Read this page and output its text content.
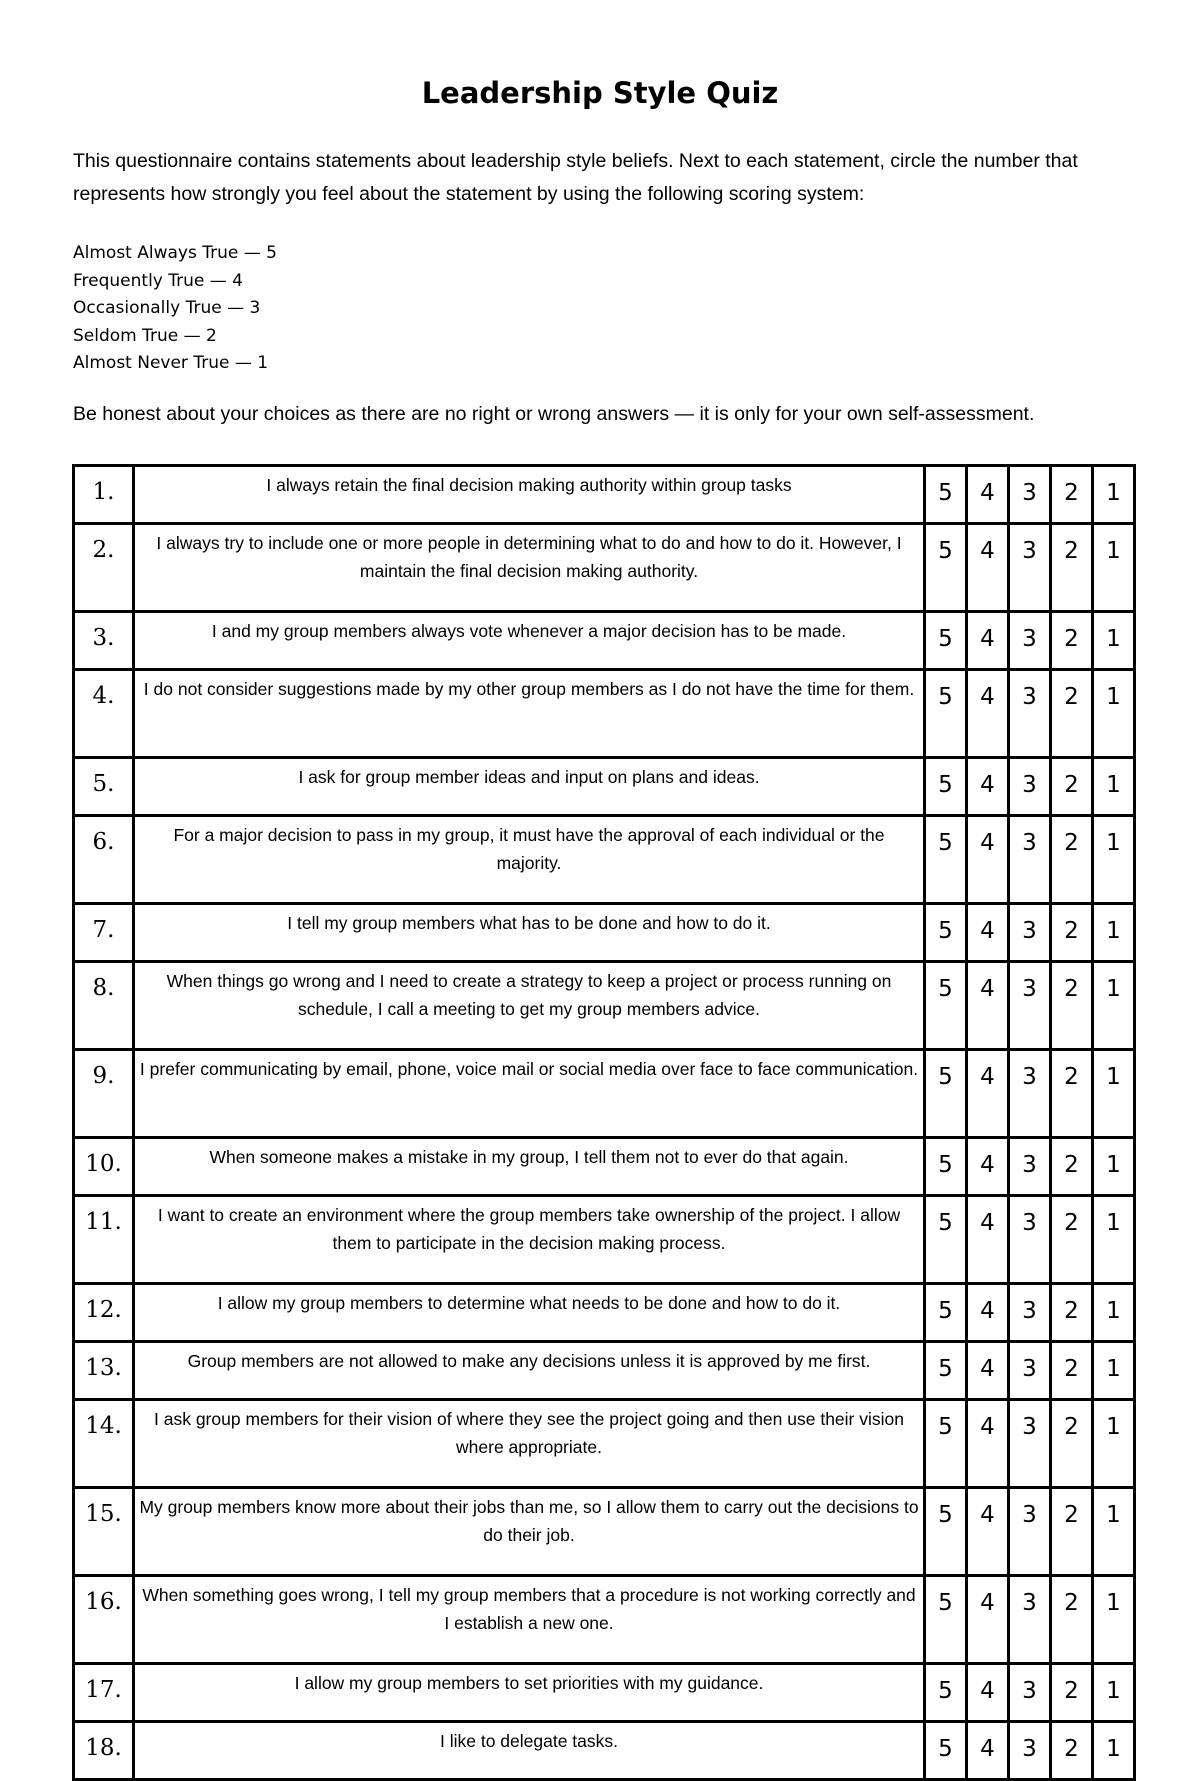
Leadership Style Quiz
This questionnaire contains statements about leadership style beliefs. Next to each statement, circle the number that represents how strongly you feel about the statement by using the following scoring system:
Almost Always True — 5
Frequently True — 4
Occasionally True — 3
Seldom True — 2
Almost Never True — 1
Be honest about your choices as there are no right or wrong answers — it is only for your own self-assessment.
1.	I always retain the final decision making authority within group tasks	5	4	3	2	1
2.	I always try to include one or more people in determining what to do and how to do it. However, I maintain the final decision making authority.	5	4	3	2	1
3.	I and my group members always vote whenever a major decision has to be made.	5	4	3	2	1
4.	I do not consider suggestions made by my other group members as I do not have the time for them.	5	4	3	2	1
5.	I ask for group member ideas and input on plans and ideas.	5	4	3	2	1
6.	For a major decision to pass in my group, it must have the approval of each individual or the majority.	5	4	3	2	1
7.	I tell my group members what has to be done and how to do it.	5	4	3	2	1
8.	When things go wrong and I need to create a strategy to keep a project or process running on schedule, I call a meeting to get my group members advice.	5	4	3	2	1
9.	I prefer communicating by email, phone, voice mail or social media over face to face communication.	5	4	3	2	1
10.	When someone makes a mistake in my group, I tell them not to ever do that again.	5	4	3	2	1
11.	I want to create an environment where the group members take ownership of the project. I allow them to participate in the decision making process.	5	4	3	2	1
12.	I allow my group members to determine what needs to be done and how to do it.	5	4	3	2	1
13.	Group members are not allowed to make any decisions unless it is approved by me first.	5	4	3	2	1
14.	I ask group members for their vision of where they see the project going and then use their vision where appropriate.	5	4	3	2	1
15.	My group members know more about their jobs than me, so I allow them to carry out the decisions to do their job.	5	4	3	2	1
16.	When something goes wrong, I tell my group members that a procedure is not working correctly and I establish a new one.	5	4	3	2	1
17.	I allow my group members to set priorities with my guidance.	5	4	3	2	1
18.	I like to delegate tasks.	5	4	3	2	1
